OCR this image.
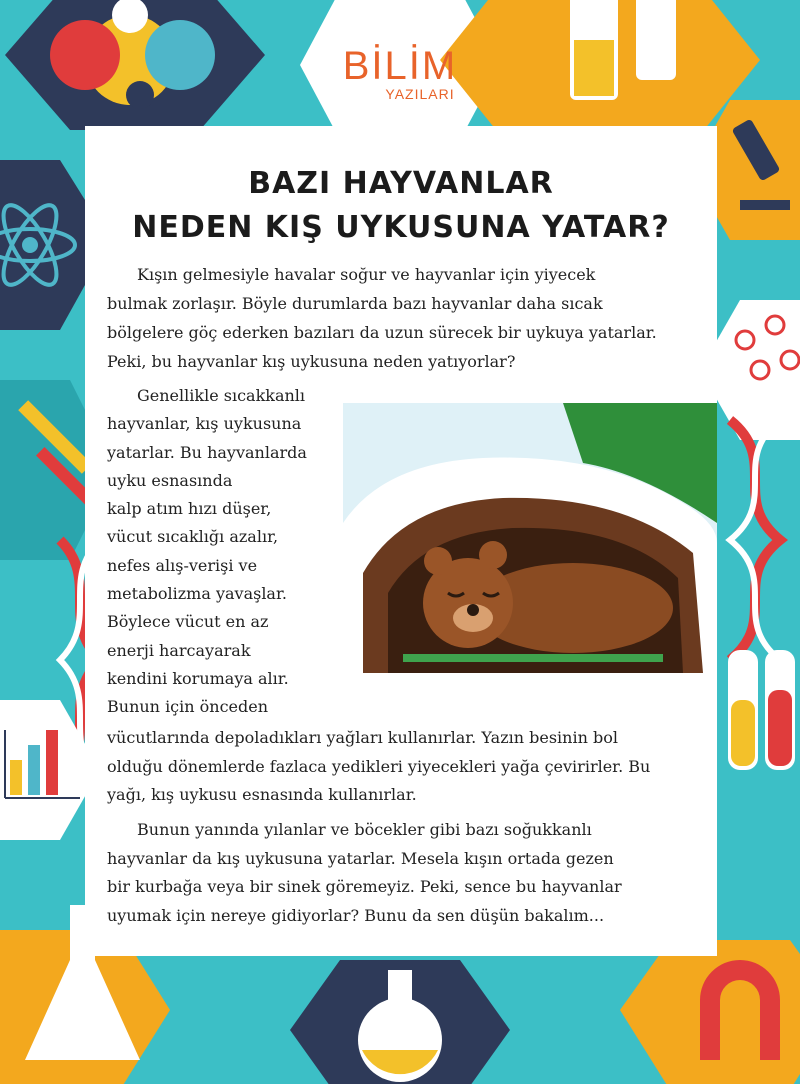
BİLİM
YAZILARI
BAZI HAYVANLAR
NEDEN KIŞ UYKUSUNA YATAR?
Kışın gelmesiyle havalar soğur ve hayvanlar için yiyecek
bulmak zorlaşır. Böyle durumlarda bazı hayvanlar daha sıcak
bölgelere göç ederken bazıları da uzun sürecek bir uykuya yatarlar.
Peki, bu hayvanlar kış uykusuna neden yatıyorlar?
Genellikle sıcakkanlı
hayvanlar, kış uykusuna
yatarlar. Bu hayvanlarda
uyku esnasında
kalp atım hızı düşer,
vücut sıcaklığı azalır,
nefes alış-verişi ve
metabolizma yavaşlar.
Böylece vücut en az
enerji harcayarak
kendini korumaya alır.
Bunun için önceden
vücutlarında depoladıkları yağları kullanırlar. Yazın besinin bol
olduğu dönemlerde fazlaca yedikleri yiyecekleri yağa çevirirler. Bu
yağı, kış uykusu esnasında kullanırlar.
Bunun yanında yılanlar ve böcekler gibi bazı soğukkanlı
hayvanlar da kış uykusuna yatarlar. Mesela kışın ortada gezen
bir kurbağa veya bir sinek göremeyiz. Peki, sence bu hayvanlar
uyumak için nereye gidiyorlar? Bunu da sen düşün bakalım...
